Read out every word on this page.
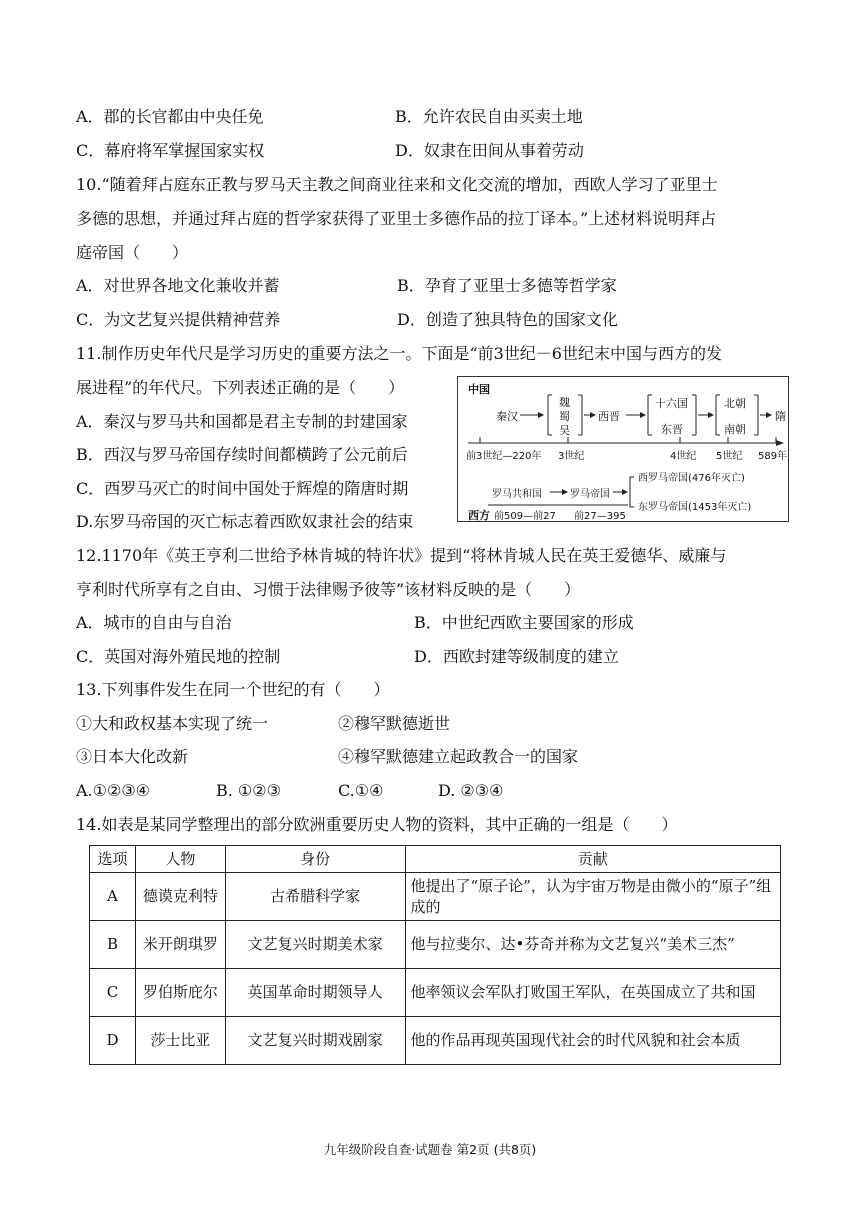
A．郡的长官都由中央任免	B．允许农民自由买卖土地
C．幕府将军掌握国家实权	D．奴隶在田间从事着劳动
10.“随着拜占庭东正教与罗马天主教之间商业往来和文化交流的增加，西欧人学习了亚里士
多德的思想，并通过拜占庭的哲学家获得了亚里士多德作品的拉丁译本。”上述材料说明拜占
庭帝国（　　）
A．对世界各地文化兼收并蓄	B．孕育了亚里士多德等哲学家
C．为文艺复兴提供精神营养	D．创造了独具特色的国家文化
11.制作历史年代尺是学习历史的重要方法之一。下面是“前3世纪－6世纪末中国与西方的发
展进程”的年代尺。下列表述正确的是（　　）
A．秦汉与罗马共和国都是君主专制的封建国家
B．西汉与罗马帝国存续时间都横跨了公元前后
C．西罗马灭亡的时间中国处于辉煌的隋唐时期
D.东罗马帝国的灭亡标志着西欧奴隶社会的结束
中国
秦汉
魏
蜀
吴
西晋
十六国
东晋
北朝
南朝
隋
前3世纪—220年 3世纪	4世纪 5世纪 589年
罗马共和国	罗马帝国
西罗马帝国(476年灭亡)
东罗马帝国(1453年灭亡)
西方 前509—前27 前27—395
12.1170年《英王亨利二世给予林肯城的特许状》提到“将林肯城人民在英王爱德华、威廉与
亨利时代所享有之自由、习惯于法律赐予彼等”该材料反映的是（　　）
A．城市的自由与自治	B．中世纪西欧主要国家的形成
C．英国对海外殖民地的控制	D．西欧封建等级制度的建立
13.下列事件发生在同一个世纪的有（　　）
①大和政权基本实现了统一	②穆罕默德逝世
③日本大化改新	④穆罕默德建立起政教合一的国家
A.①②③④	B. ①②③	C.①④	D. ②③④
14.如表是某同学整理出的部分欧洲重要历史人物的资料，其中正确的一组是（　　）
选项	人物	身份	贡献
A	德谟克利特	古希腊科学家	他提出了“原子论”，认为宇宙万物是由微小的“原子”组成的
B	米开朗琪罗	文艺复兴时期美术家	他与拉斐尔、达•芬奇并称为文艺复兴“美术三杰”
C	罗伯斯庇尔	英国革命时期领导人	他率领议会军队打败国王军队，在英国成立了共和国
D	莎士比亚	文艺复兴时期戏剧家	他的作品再现英国现代社会的时代风貌和社会本质
九年级阶段自查·试题卷 第2页 (共8页)
